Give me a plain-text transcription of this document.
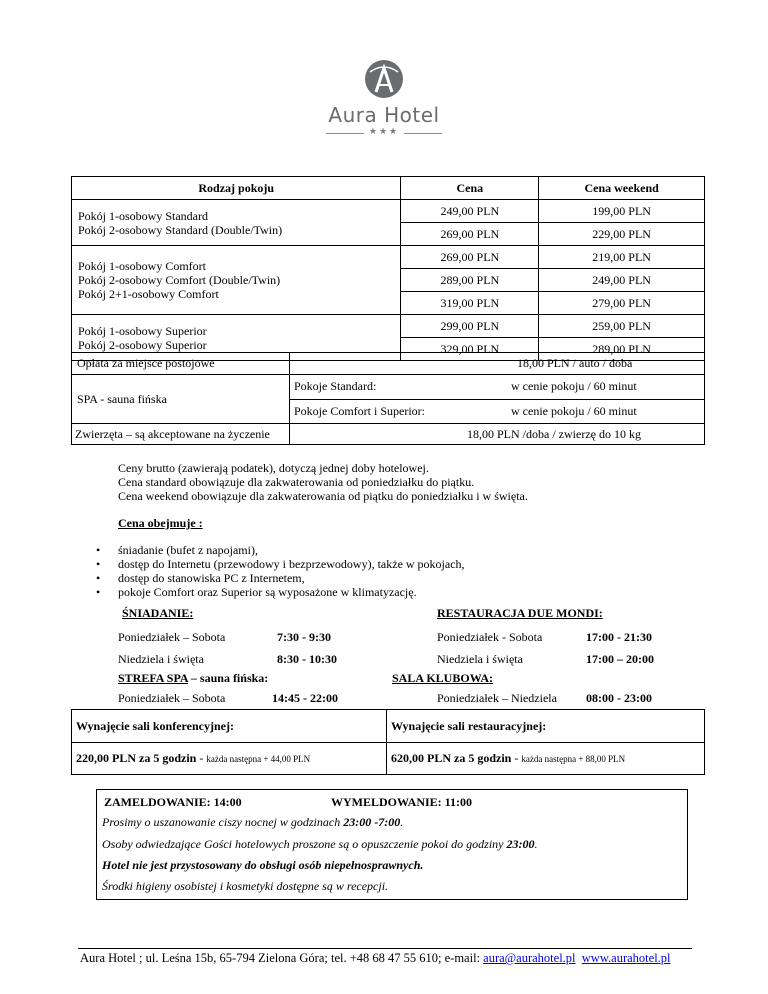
Aura Hotel
★★★
Rodzaj pokoju	Cena	Cena weekend

Pokój 1-osobowy Standard
Pokój 2-osobowy Standard (Double/Twin)	249,00 PLN	199,00 PLN
	269,00 PLN	229,00 PLN

Pokój 1-osobowy Comfort
Pokój 2-osobowy Comfort (Double/Twin)
Pokój 2+1-osobowy Comfort	269,00 PLN	219,00 PLN
	289,00 PLN	249,00 PLN
	319,00 PLN	279,00 PLN

Pokój 1-osobowy Superior
Pokój 2-osobowy Superior	299,00 PLN	259,00 PLN
	329,00 PLN	289,00 PLN
Opłata za miejsce postojowe	18,00 PLN / auto / doba
SPA - sauna fińska
Pokoje Standard:	w cenie pokoju / 60 minut
Pokoje Comfort i Superior:	w cenie pokoju / 60 minut
Zwierzęta – są akceptowane na życzenie	18,00 PLN /doba / zwierzę do 10 kg
Ceny brutto (zawierają podatek), dotyczą jednej doby hotelowej.
Cena standard obowiązuje dla zakwaterowania od poniedziałku do piątku.
Cena weekend obowiązuje dla zakwaterowania od piątku do poniedziałku i w święta.
Cena obejmuje :
• śniadanie (bufet z napojami),
• dostęp do Internetu (przewodowy i bezprzewodowy), także w pokojach,
• dostęp do stanowiska PC z Internetem,
• pokoje Comfort oraz Superior są wyposażone w klimatyzację.
ŚNIADANIE:
Poniedziałek – Sobota	7:30 - 9:30
Niedziela i święta	8:30 - 10:30
RESTAURACJA DUE MONDI:
Poniedziałek - Sobota	17:00 - 21:30
Niedziela i święta	17:00 – 20:00
STREFA SPA – sauna fińska:
Poniedziałek – Sobota	14:45 - 22:00
SALA KLUBOWA:
Poniedziałek – Niedziela 08:00 - 23:00
Wynajęcie sali konferencyjnej:	Wynajęcie sali restauracyjnej:
220,00 PLN za 5 godzin - każda następna + 44,00 PLN	620,00 PLN za 5 godzin - każda następna + 88,00 PLN
ZAMELDOWANIE: 14:00	WYMELDOWANIE: 11:00
Prosimy o uszanowanie ciszy nocnej w godzinach 23:00 -7:00.
Osoby odwiedzające Gości hotelowych proszone są o opuszczenie pokoi do godziny 23:00.
Hotel nie jest przystosowany do obsługi osób niepełnosprawnych.
Środki higieny osobistej i kosmetyki dostępne są w recepcji.
Aura Hotel ; ul. Leśna 15b, 65-794 Zielona Góra; tel. +48 68 47 55 610; e-mail: aura@aurahotel.pl www.aurahotel.pl
